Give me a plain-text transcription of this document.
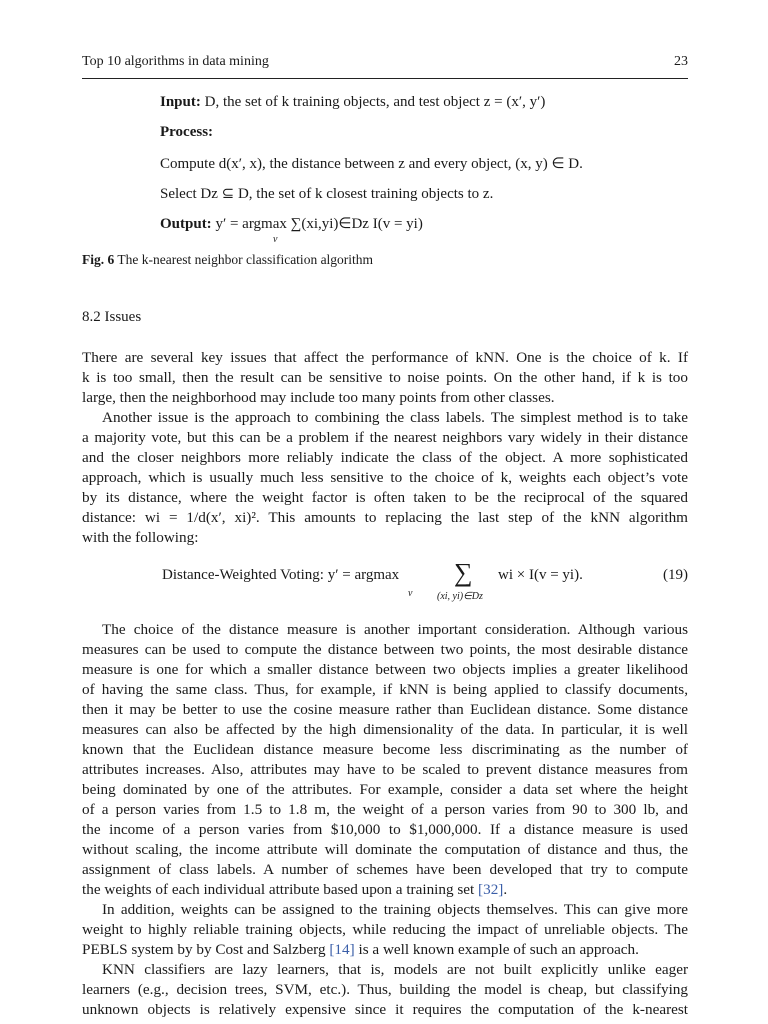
Top 10 algorithms in data mining	23
Input: D, the set of k training objects, and test object z = (x′, y′)
Process:
Compute d(x′, x), the distance between z and every object, (x, y) ∈ D.
Select Dz ⊆ D, the set of k closest training objects to z.
Output: y′ = argmax ∑(xi,yi)∈Dz I(v = yi)
v
Fig. 6 The k-nearest neighbor classification algorithm
8.2 Issues
There are several key issues that affect the performance of kNN. One is the choice of k. If
k is too small, then the result can be sensitive to noise points. On the other hand, if k is too
large, then the neighborhood may include too many points from other classes.
Another issue is the approach to combining the class labels. The simplest method is to take
a majority vote, but this can be a problem if the nearest neighbors vary widely in their distance
and the closer neighbors more reliably indicate the class of the object. A more sophisticated
approach, which is usually much less sensitive to the choice of k, weights each object’s vote
by its distance, where the weight factor is often taken to be the reciprocal of the squared
distance: wi = 1/d(x′, xi)². This amounts to replacing the last step of the kNN algorithm
with the following:
Distance-Weighted Voting: y′ = argmax
v
∑
(xi, yi)∈Dz
wi × I(v = yi).	(19)
The choice of the distance measure is another important consideration. Although various
measures can be used to compute the distance between two points, the most desirable distance
measure is one for which a smaller distance between two objects implies a greater likelihood
of having the same class. Thus, for example, if kNN is being applied to classify documents,
then it may be better to use the cosine measure rather than Euclidean distance. Some distance
measures can also be affected by the high dimensionality of the data. In particular, it is well
known that the Euclidean distance measure become less discriminating as the number of
attributes increases. Also, attributes may have to be scaled to prevent distance measures from
being dominated by one of the attributes. For example, consider a data set where the height
of a person varies from 1.5 to 1.8 m, the weight of a person varies from 90 to 300 lb, and
the income of a person varies from $10,000 to $1,000,000. If a distance measure is used
without scaling, the income attribute will dominate the computation of distance and thus, the
assignment of class labels. A number of schemes have been developed that try to compute
the weights of each individual attribute based upon a training set [32].
In addition, weights can be assigned to the training objects themselves. This can give more
weight to highly reliable training objects, while reducing the impact of unreliable objects. The
PEBLS system by by Cost and Salzberg [14] is a well known example of such an approach.
KNN classifiers are lazy learners, that is, models are not built explicitly unlike eager
learners (e.g., decision trees, SVM, etc.). Thus, building the model is cheap, but classifying
unknown objects is relatively expensive since it requires the computation of the k-nearest
